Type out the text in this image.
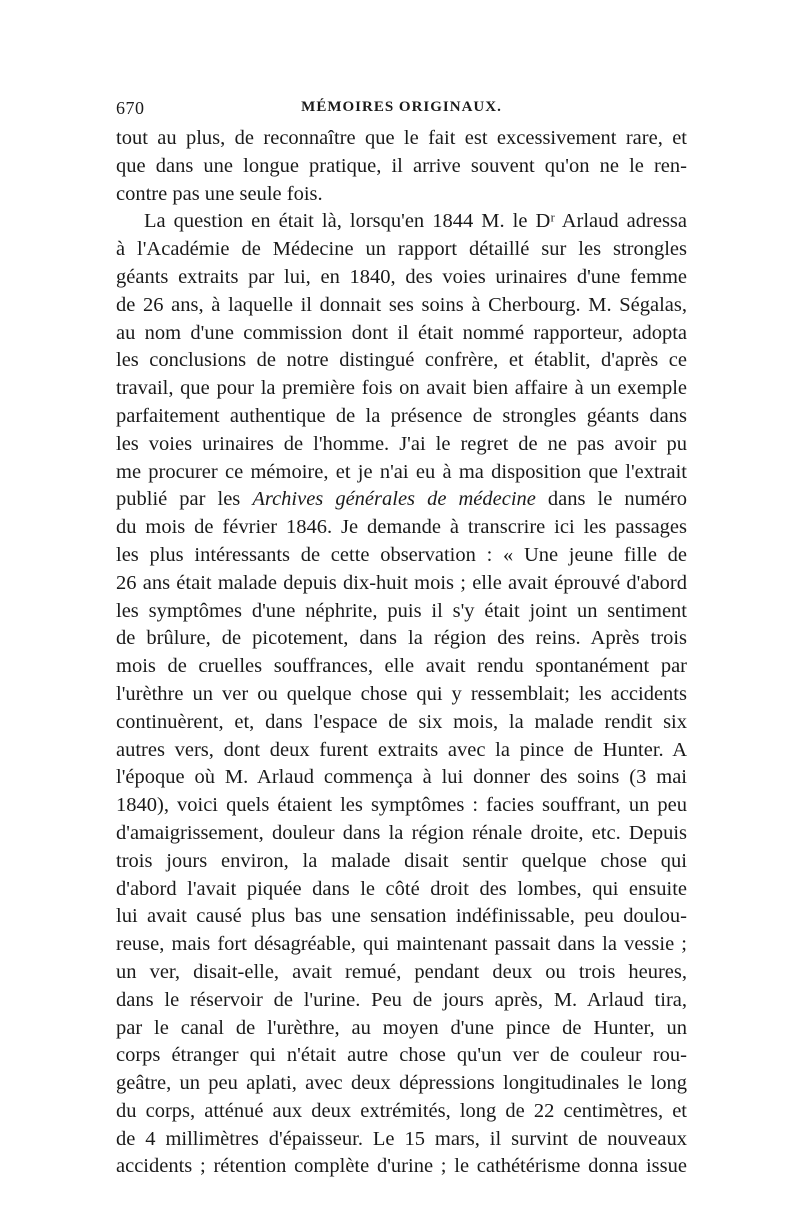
670	MÉMOIRES ORIGINAUX.
tout au plus, de reconnaître que le fait est excessivement rare, et
que dans une longue pratique, il arrive souvent qu'on ne le ren-
contre pas une seule fois.
La question en était là, lorsqu'en 1844 M. le Dʳ Arlaud adressa
à l'Académie de Médecine un rapport détaillé sur les strongles
géants extraits par lui, en 1840, des voies urinaires d'une femme
de 26 ans, à laquelle il donnait ses soins à Cherbourg. M. Ségalas,
au nom d'une commission dont il était nommé rapporteur, adopta
les conclusions de notre distingué confrère, et établit, d'après ce
travail, que pour la première fois on avait bien affaire à un exemple
parfaitement authentique de la présence de strongles géants dans
les voies urinaires de l'homme. J'ai le regret de ne pas avoir pu
me procurer ce mémoire, et je n'ai eu à ma disposition que l'extrait
publié par les Archives générales de médecine dans le numéro
du mois de février 1846. Je demande à transcrire ici les passages
les plus intéressants de cette observation : « Une jeune fille de
26 ans était malade depuis dix-huit mois ; elle avait éprouvé d'abord
les symptômes d'une néphrite, puis il s'y était joint un sentiment
de brûlure, de picotement, dans la région des reins. Après trois
mois de cruelles souffrances, elle avait rendu spontanément par
l'urèthre un ver ou quelque chose qui y ressemblait; les accidents
continuèrent, et, dans l'espace de six mois, la malade rendit six
autres vers, dont deux furent extraits avec la pince de Hunter. A
l'époque où M. Arlaud commença à lui donner des soins (3 mai
1840), voici quels étaient les symptômes : facies souffrant, un peu
d'amaigrissement, douleur dans la région rénale droite, etc. Depuis
trois jours environ, la malade disait sentir quelque chose qui
d'abord l'avait piquée dans le côté droit des lombes, qui ensuite
lui avait causé plus bas une sensation indéfinissable, peu doulou-
reuse, mais fort désagréable, qui maintenant passait dans la vessie ;
un ver, disait-elle, avait remué, pendant deux ou trois heures,
dans le réservoir de l'urine. Peu de jours après, M. Arlaud tira,
par le canal de l'urèthre, au moyen d'une pince de Hunter, un
corps étranger qui n'était autre chose qu'un ver de couleur rou-
geâtre, un peu aplati, avec deux dépressions longitudinales le long
du corps, atténué aux deux extrémités, long de 22 centimètres, et
de 4 millimètres d'épaisseur. Le 15 mars, il survint de nouveaux
accidents ; rétention complète d'urine ; le cathétérisme donna issue
